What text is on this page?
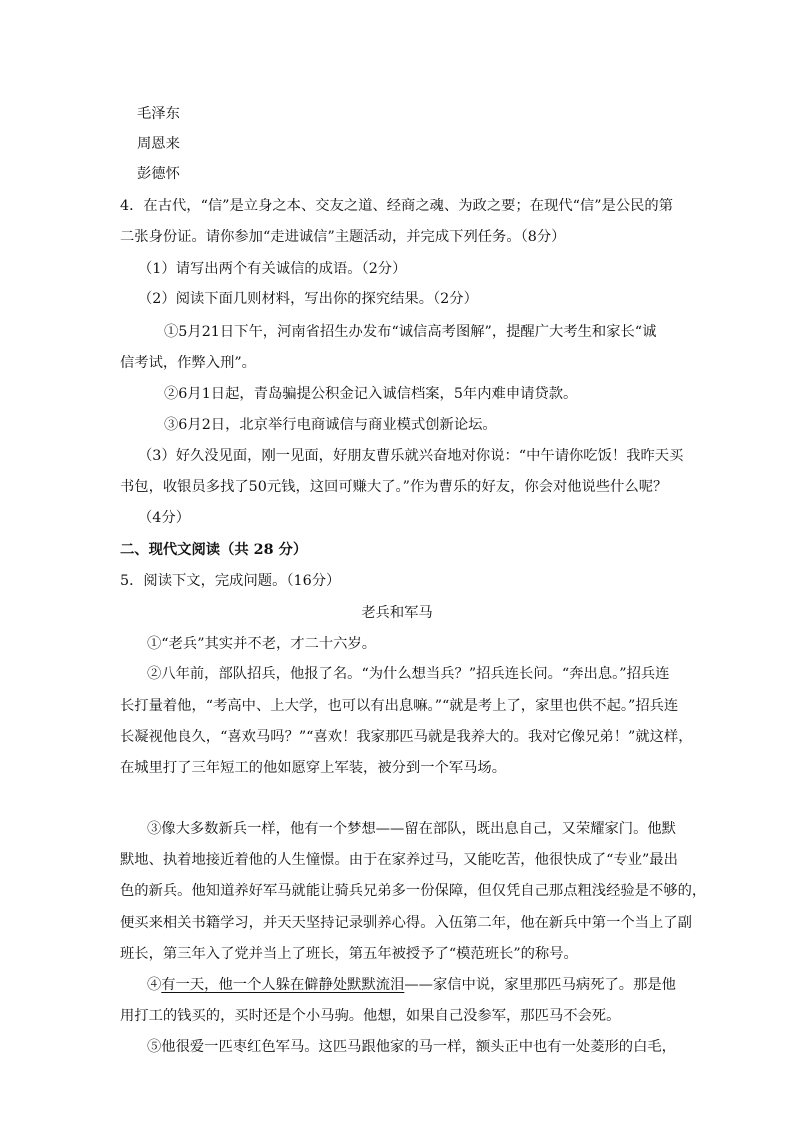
毛泽东
周恩来
彭德怀
4．在古代，“信”是立身之本、交友之道、经商之魂、为政之要；在现代“信”是公民的第
二张身份证。请你参加“走进诚信”主题活动，并完成下列任务。（8分）
（1）请写出两个有关诚信的成语。（2分）
（2）阅读下面几则材料，写出你的探究结果。（2分）
①5月21日下午，河南省招生办发布“诚信高考图解”，提醒广大考生和家长“诚
信考试，作弊入刑”。
②6月1日起，青岛骗提公积金记入诚信档案，5年内难申请贷款。
③6月2日，北京举行电商诚信与商业模式创新论坛。
（3）好久没见面，刚一见面，好朋友曹乐就兴奋地对你说：“中午请你吃饭！我昨天买
书包，收银员多找了50元钱，这回可赚大了。”作为曹乐的好友，你会对他说些什么呢？
（4分）
二、现代文阅读（共 28 分）
5．阅读下文，完成问题。（16分）
老兵和军马
①“老兵”其实并不老，才二十六岁。
②八年前，部队招兵，他报了名。“为什么想当兵？”招兵连长问。“奔出息。”招兵连
长打量着他，“考高中、上大学，也可以有出息嘛。”“就是考上了，家里也供不起。”招兵连
长凝视他良久，“喜欢马吗？”“喜欢！我家那匹马就是我养大的。我对它像兄弟！”就这样，
在城里打了三年短工的他如愿穿上军装，被分到一个军马场。
③像大多数新兵一样，他有一个梦想——留在部队，既出息自己，又荣耀家门。他默
默地、执着地接近着他的人生憧憬。由于在家养过马，又能吃苦，他很快成了“专业”最出
色的新兵。他知道养好军马就能让骑兵兄弟多一份保障，但仅凭自己那点粗浅经验是不够的，
便买来相关书籍学习，并天天坚持记录驯养心得。入伍第二年，他在新兵中第一个当上了副
班长，第三年入了党并当上了班长，第五年被授予了“模范班长”的称号。
④有一天，他一个人躲在僻静处默默流泪——家信中说，家里那匹马病死了。那是他
用打工的钱买的，买时还是个小马驹。他想，如果自己没参军，那匹马不会死。
⑤他很爱一匹枣红色军马。这匹马跟他家的马一样，额头正中也有一处菱形的白毛，
